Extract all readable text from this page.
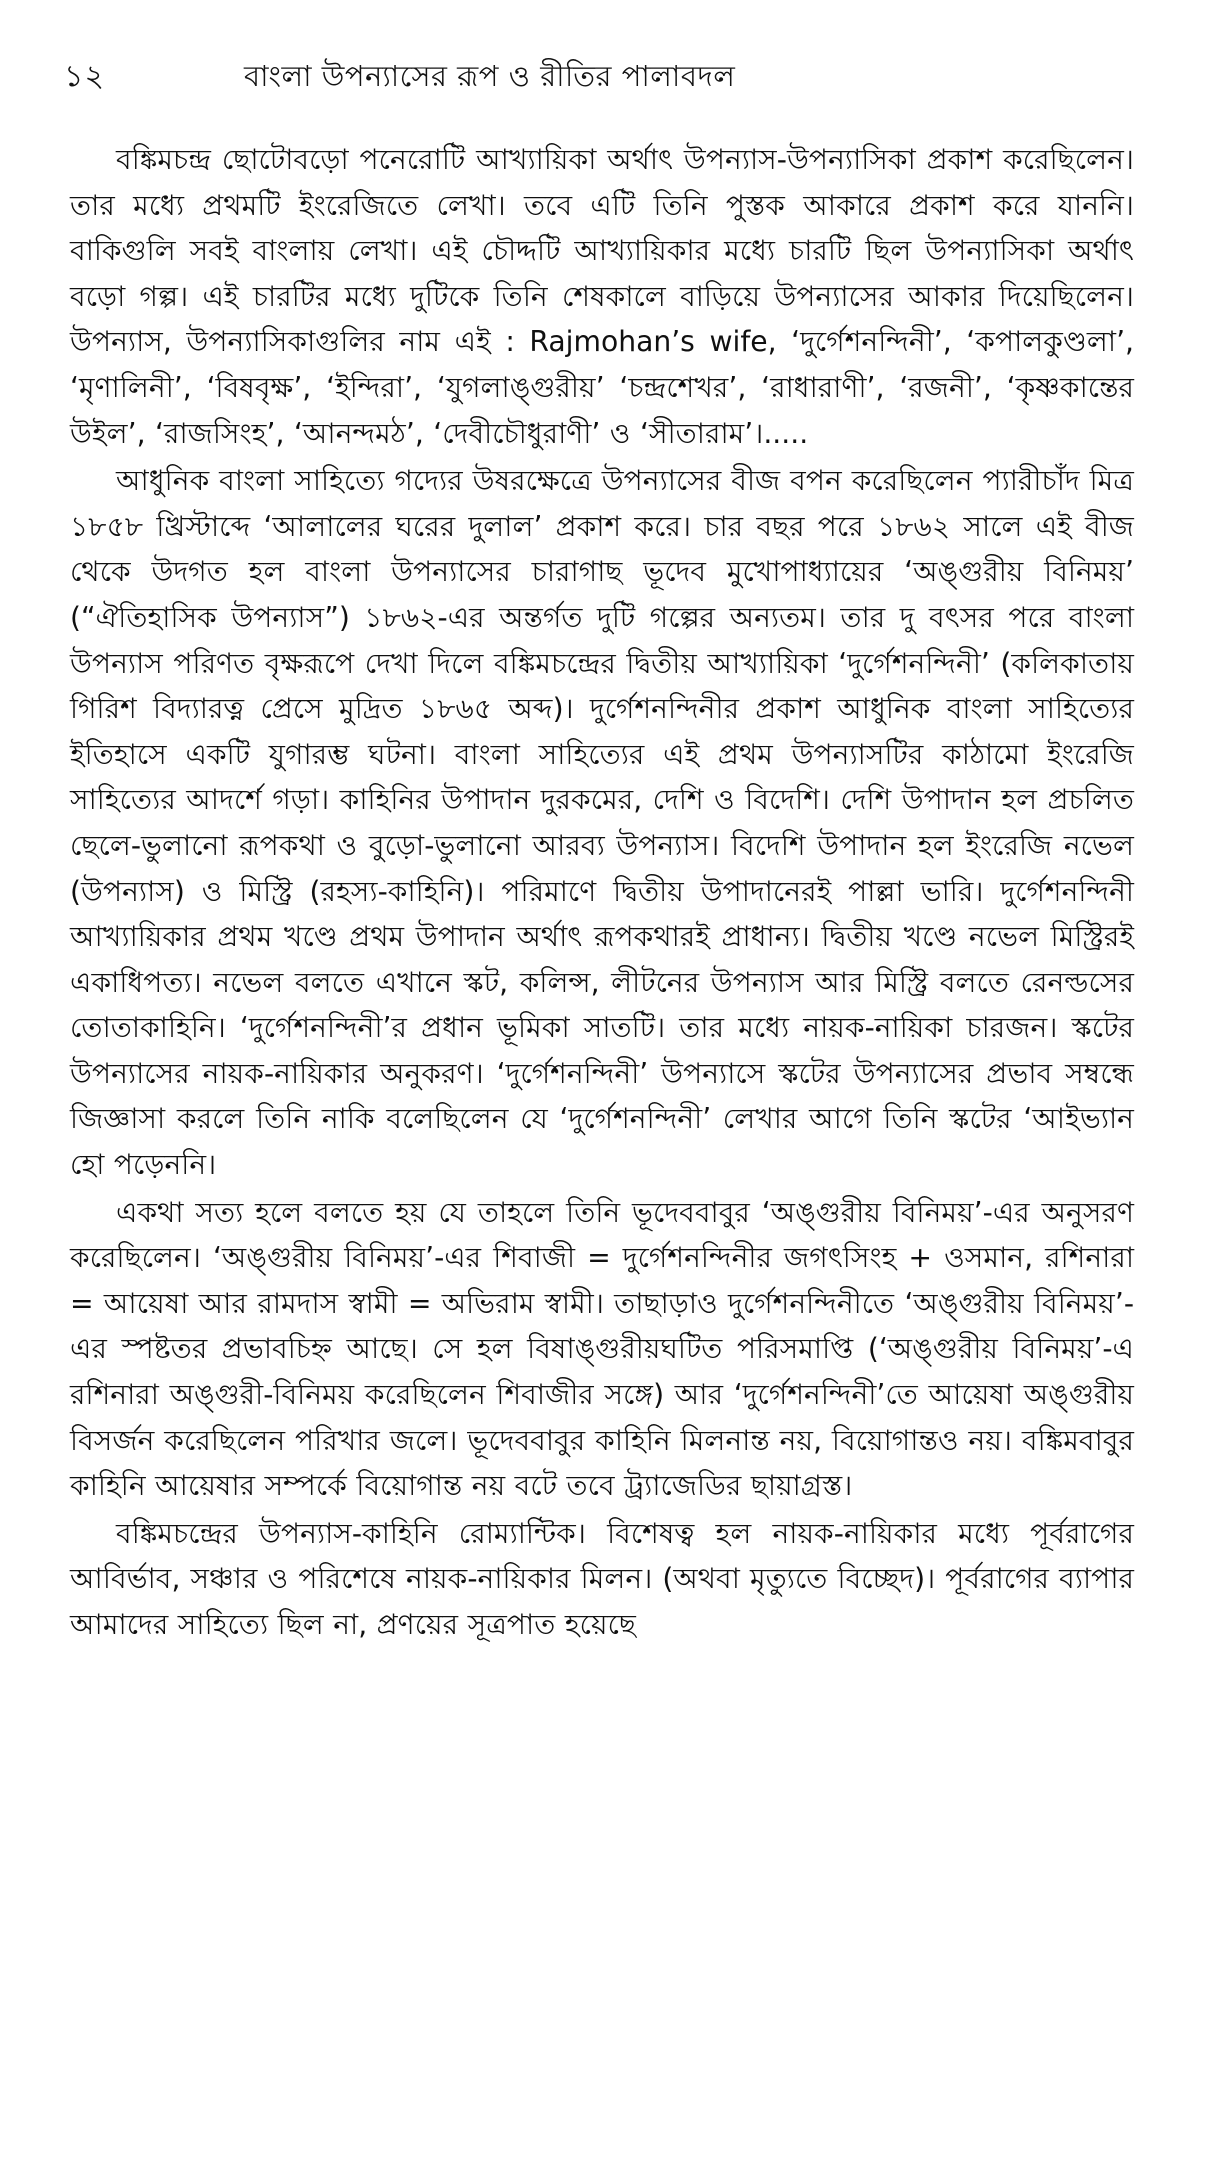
১২	বাংলা উপন্যাসের রূপ ও রীতির পালাবদল

বঙ্কিমচন্দ্র ছোটোবড়ো পনেরোটি আখ্যায়িকা অর্থাৎ উপন্যাস-উপন্যাসিকা প্রকাশ করেছিলেন। তার মধ্যে প্রথমটি ইংরেজিতে লেখা। তবে এটি তিনি পুস্তক আকারে প্রকাশ করে যাননি। বাকিগুলি সবই বাংলায় লেখা। এই চৌদ্দটি আখ্যায়িকার মধ্যে চারটি ছিল উপন্যাসিকা অর্থাৎ বড়ো গল্প। এই চারটির মধ্যে দুটিকে তিনি শেষকালে বাড়িয়ে উপন্যাসের আকার দিয়েছিলেন। উপন্যাস, উপন্যাসিকাগুলির নাম এই : Rajmohan’s wife, ‘দুর্গেশনন্দিনী’, ‘কপালকুণ্ডলা’, ‘মৃণালিনী’, ‘বিষবৃক্ষ’, ‘ইন্দিরা’, ‘যুগলাঙ্গুরীয়’ ‘চন্দ্রশেখর’, ‘রাধারাণী’, ‘রজনী’, ‘কৃষ্ণকান্তের উইল’, ‘রাজসিংহ’, ‘আনন্দমঠ’, ‘দেবীচৌধুরাণী’ ও ‘সীতারাম’।.....

আধুনিক বাংলা সাহিত্যে গদ্যের উষরক্ষেত্রে উপন্যাসের বীজ বপন করেছিলেন প্যারীচাঁদ মিত্র ১৮৫৮ খ্রিস্টাব্দে ‘আলালের ঘরের দুলাল’ প্রকাশ করে। চার বছর পরে ১৮৬২ সালে এই বীজ থেকে উদগত হল বাংলা উপন্যাসের চারাগাছ ভূদেব মুখোপাধ্যায়ের ‘অঙ্গুরীয় বিনিময়’ (“ঐতিহাসিক উপন্যাস”) ১৮৬২-এর অন্তর্গত দুটি গল্পের অন্যতম। তার দু বৎসর পরে বাংলা উপন্যাস পরিণত বৃক্ষরূপে দেখা দিলে বঙ্কিমচন্দ্রের দ্বিতীয় আখ্যায়িকা ‘দুর্গেশনন্দিনী’ (কলিকাতায় গিরিশ বিদ্যারত্ন প্রেসে মুদ্রিত ১৮৬৫ অব্দ)। দুর্গেশনন্দিনীর প্রকাশ আধুনিক বাংলা সাহিত্যের ইতিহাসে একটি যুগারম্ভ ঘটনা। বাংলা সাহিত্যের এই প্রথম উপন্যাসটির কাঠামো ইংরেজি সাহিত্যের আদর্শে গড়া। কাহিনির উপাদান দুরকমের, দেশি ও বিদেশি। দেশি উপাদান হল প্রচলিত ছেলে-ভুলানো রূপকথা ও বুড়ো-ভুলানো আরব্য উপন্যাস। বিদেশি উপাদান হল ইংরেজি নভেল (উপন্যাস) ও মিস্ট্রি (রহস্য-কাহিনি)। পরিমাণে দ্বিতীয় উপাদানেরই পাল্লা ভারি। দুর্গেশনন্দিনী আখ্যায়িকার প্রথম খণ্ডে প্রথম উপাদান অর্থাৎ রূপকথারই প্রাধান্য। দ্বিতীয় খণ্ডে নভেল মিস্ট্রিরই একাধিপত্য। নভেল বলতে এখানে স্কট, কলিন্স, লীটনের উপন্যাস আর মিস্ট্রি বলতে রেনল্ডসের তোতাকাহিনি। ‘দুর্গেশনন্দিনী’র প্রধান ভূমিকা সাতটি। তার মধ্যে নায়ক-নায়িকা চারজন। স্কটের উপন্যাসের নায়ক-নায়িকার অনুকরণ। ‘দুর্গেশনন্দিনী’ উপন্যাসে স্কটের উপন্যাসের প্রভাব সম্বন্ধে জিজ্ঞাসা করলে তিনি নাকি বলেছিলেন যে ‘দুর্গেশনন্দিনী’ লেখার আগে তিনি স্কটের ‘আইভ্যান হো পড়েননি।

একথা সত্য হলে বলতে হয় যে তাহলে তিনি ভূদেববাবুর ‘অঙ্গুরীয় বিনিময়’-এর অনুসরণ করেছিলেন। ‘অঙ্গুরীয় বিনিময়’-এর শিবাজী = দুর্গেশনন্দিনীর জগৎসিংহ + ওসমান, রশিনারা = আয়েষা আর রামদাস স্বামী = অভিরাম স্বামী। তাছাড়াও দুর্গেশনন্দিনীতে ‘অঙ্গুরীয় বিনিময়’-এর স্পষ্টতর প্রভাবচিহ্ন আছে। সে হল বিষাঙ্গুরীয়ঘটিত পরিসমাপ্তি (‘অঙ্গুরীয় বিনিময়’-এ রশিনারা অঙ্গুরী-বিনিময় করেছিলেন শিবাজীর সঙ্গে) আর ‘দুর্গেশনন্দিনী’তে আয়েষা অঙ্গুরীয় বিসর্জন করেছিলেন পরিখার জলে। ভূদেববাবুর কাহিনি মিলনান্ত নয়, বিয়োগান্তও নয়। বঙ্কিমবাবুর কাহিনি আয়েষার সম্পর্কে বিয়োগান্ত নয় বটে তবে ট্র্যাজেডির ছায়াগ্রস্ত।

বঙ্কিমচন্দ্রের উপন্যাস-কাহিনি রোম্যান্টিক। বিশেষত্ব হল নায়ক-নায়িকার মধ্যে পূর্বরাগের আবির্ভাব, সঞ্চার ও পরিশেষে নায়ক-নায়িকার মিলন। (অথবা মৃত্যুতে বিচ্ছেদ)। পূর্বরাগের ব্যাপার আমাদের সাহিত্যে ছিল না, প্রণয়ের সূত্রপাত হয়েছে
